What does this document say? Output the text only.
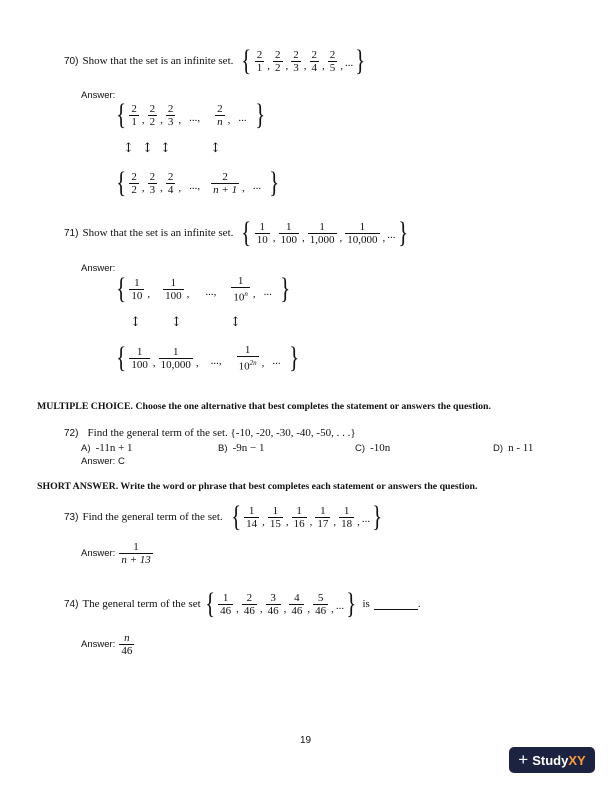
70) Show that the set is an infinite set. { $\frac{2}{1}$ , $\frac{2}{2}$ , $\frac{2}{3}$ , $\frac{2}{4}$ , $\frac{2}{5}$ , ... }
Answer:
{ $\frac{2}{1}$ , $\frac{2}{2}$ , $\frac{2}{3}$ , ..., $\frac{2}{n}$ , ... }
↕ ↕ ↕	↕
{ $\frac{2}{2}$ , $\frac{2}{3}$ , $\frac{2}{4}$ , ..., $\frac{2}{n + 1}$ , ... }
71) Show that the set is an infinite set. { $\frac{1}{10}$ , $\frac{1}{100}$ , $\frac{1}{1,000}$ , $\frac{1}{10,000}$ , ... }
Answer:
{ $\frac{1}{10}$ , $\frac{1}{100}$ , ..., $\frac{1}{10^n}$ , ... }
↕ ↕	↕
{ $\frac{1}{100}$ , $\frac{1}{10,000}$ , ..., $\frac{1}{10^{2n}}$ , ... }
MULTIPLE CHOICE. Choose the one alternative that best completes the statement or answers the question.
72) Find the general term of the set. {-10, -20, -30, -40, -50, . . .}
A) -11n + 1	B) -9n − 1	C) -10n	D) n - 11
Answer: C
SHORT ANSWER. Write the word or phrase that best completes each statement or answers the question.
73) Find the general term of the set. { $\frac{1}{14}$ , $\frac{1}{15}$ , $\frac{1}{16}$ , $\frac{1}{17}$ , $\frac{1}{18}$ , ... }
Answer: $\frac{1}{n + 13}$
74) The general term of the set { $\frac{1}{46}$ , $\frac{2}{46}$ , $\frac{3}{46}$ , $\frac{4}{46}$ , $\frac{5}{46}$ , ... } is	.
Answer: $\frac{n}{46}$
19
+ Study XY
